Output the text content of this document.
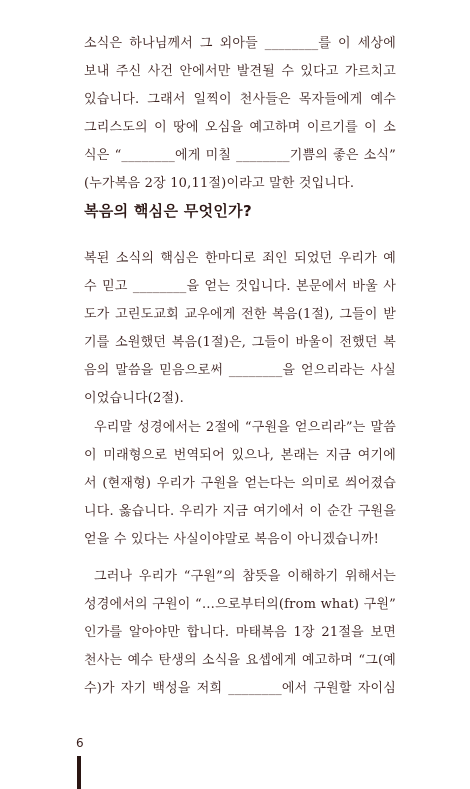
소식은 하나님께서 그 외아들 ________를 이 세상에
보내 주신 사건 안에서만 발견될 수 있다고 가르치고
있습니다. 그래서 일찍이 천사들은 목자들에게 예수
그리스도의 이 땅에 오심을 예고하며 이르기를 이 소
식은 “________에게 미칠 ________기쁨의 좋은 소식”
(누가복음 2장 10,11절)이라고 말한 것입니다.
복음의 핵심은 무엇인가?
복된 소식의 핵심은 한마디로 죄인 되었던 우리가 예
수 믿고 ________을 얻는 것입니다. 본문에서 바울 사
도가 고린도교회 교우에게 전한 복음(1절), 그들이 받
기를 소원했던 복음(1절)은, 그들이 바울이 전했던 복
음의 말씀을 믿음으로써 ________을 얻으리라는 사실
이었습니다(2절).
우리말 성경에서는 2절에 “구원을 얻으리라”는 말씀
이 미래형으로 번역되어 있으나, 본래는 지금 여기에
서 (현재형) 우리가 구원을 얻는다는 의미로 씌어졌습
니다. 옳습니다. 우리가 지금 여기에서 이 순간 구원을
얻을 수 있다는 사실이야말로 복음이 아니겠습니까!
그러나 우리가 “구원”의 참뜻을 이해하기 위해서는
성경에서의 구원이 “…으로부터의(from what) 구원”
인가를 알아야만 합니다. 마태복음 1장 21절을 보면
천사는 예수 탄생의 소식을 요셉에게 예고하며 “그(예
수)가 자기 백성을 저희 ________에서 구원할 자이심
6
